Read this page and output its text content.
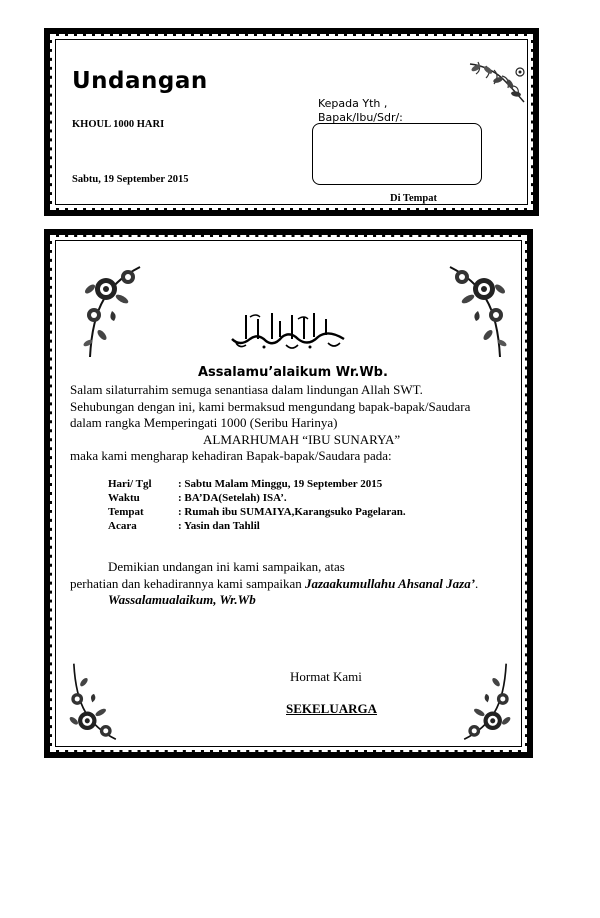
Undangan
KHOUL 1000 HARI
Sabtu, 19 September 2015
Kepada Yth ,
Bapak/Ibu/Sdr/:
Di Tempat
Assalamu’alaikum Wr.Wb.
Salam silaturrahim semuga senantiasa dalam lindungan Allah SWT.
Sehubungan dengan ini, kami bermaksud mengundang bapak-bapak/Saudara
dalam rangka Memperingati 1000 (Seribu Harinya)
ALMARHUMAH “IBU SUNARYA”
maka kami mengharap kehadiran Bapak-bapak/Saudara pada:
Hari/ Tgl : Sabtu Malam Minggu, 19 September 2015
Waktu	: BA’DA(Setelah) ISA’.
Tempat	: Rumah ibu SUMAIYA,Karangsuko Pagelaran.
Acara	: Yasin dan Tahlil
Demikian undangan ini kami sampaikan, atas
perhatian dan kehadirannya kami sampaikan Jazaakumullahu Ahsanal Jaza’.
Wassalamualaikum, Wr.Wb
Hormat Kami
SEKELUARGA
